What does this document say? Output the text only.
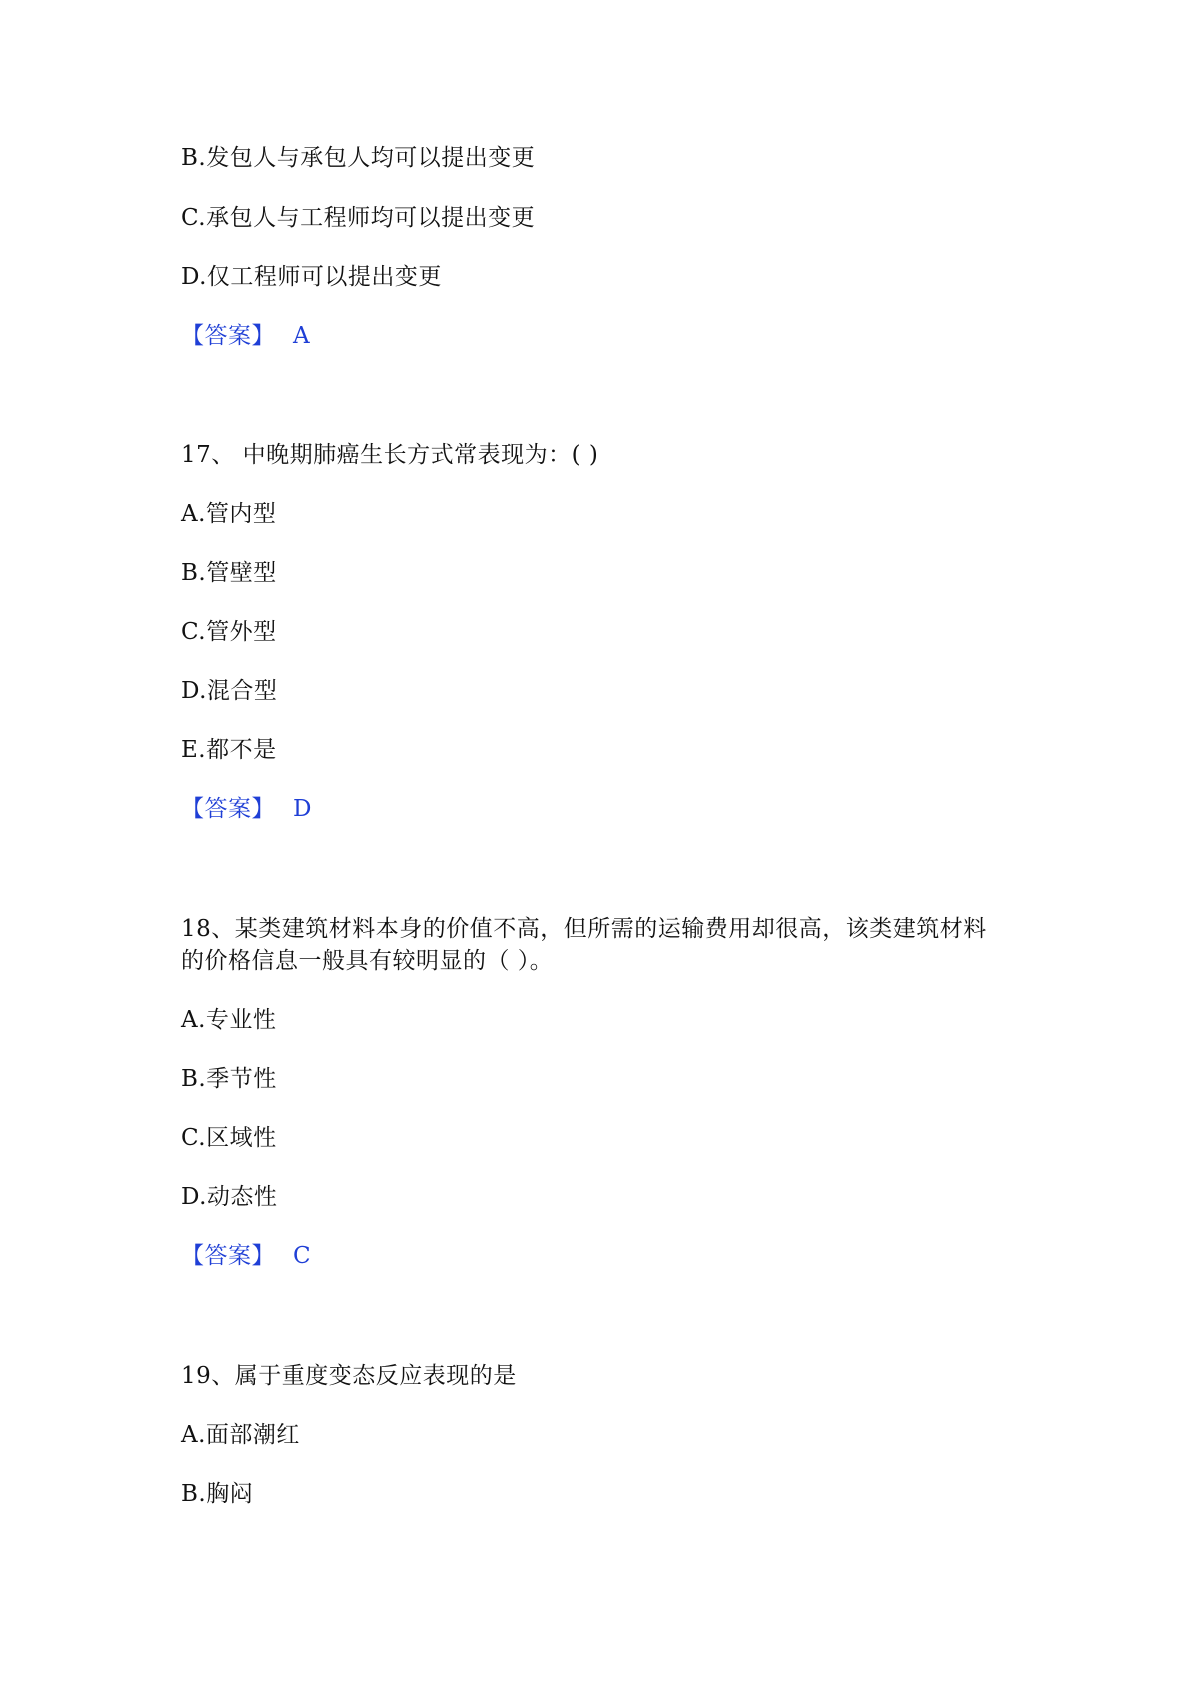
B.发包人与承包人均可以提出变更
C.承包人与工程师均可以提出变更
D.仅工程师可以提出变更
【答案】 A
17、 中晚期肺癌生长方式常表现为：( )
A.管内型
B.管壁型
C.管外型
D.混合型
E.都不是
【答案】 D
18、某类建筑材料本身的价值不高，但所需的运输费用却很高，该类建筑材料
的价格信息一般具有较明显的（ ）。
A.专业性
B.季节性
C.区域性
D.动态性
【答案】 C
19、属于重度变态反应表现的是
A.面部潮红
B.胸闷
